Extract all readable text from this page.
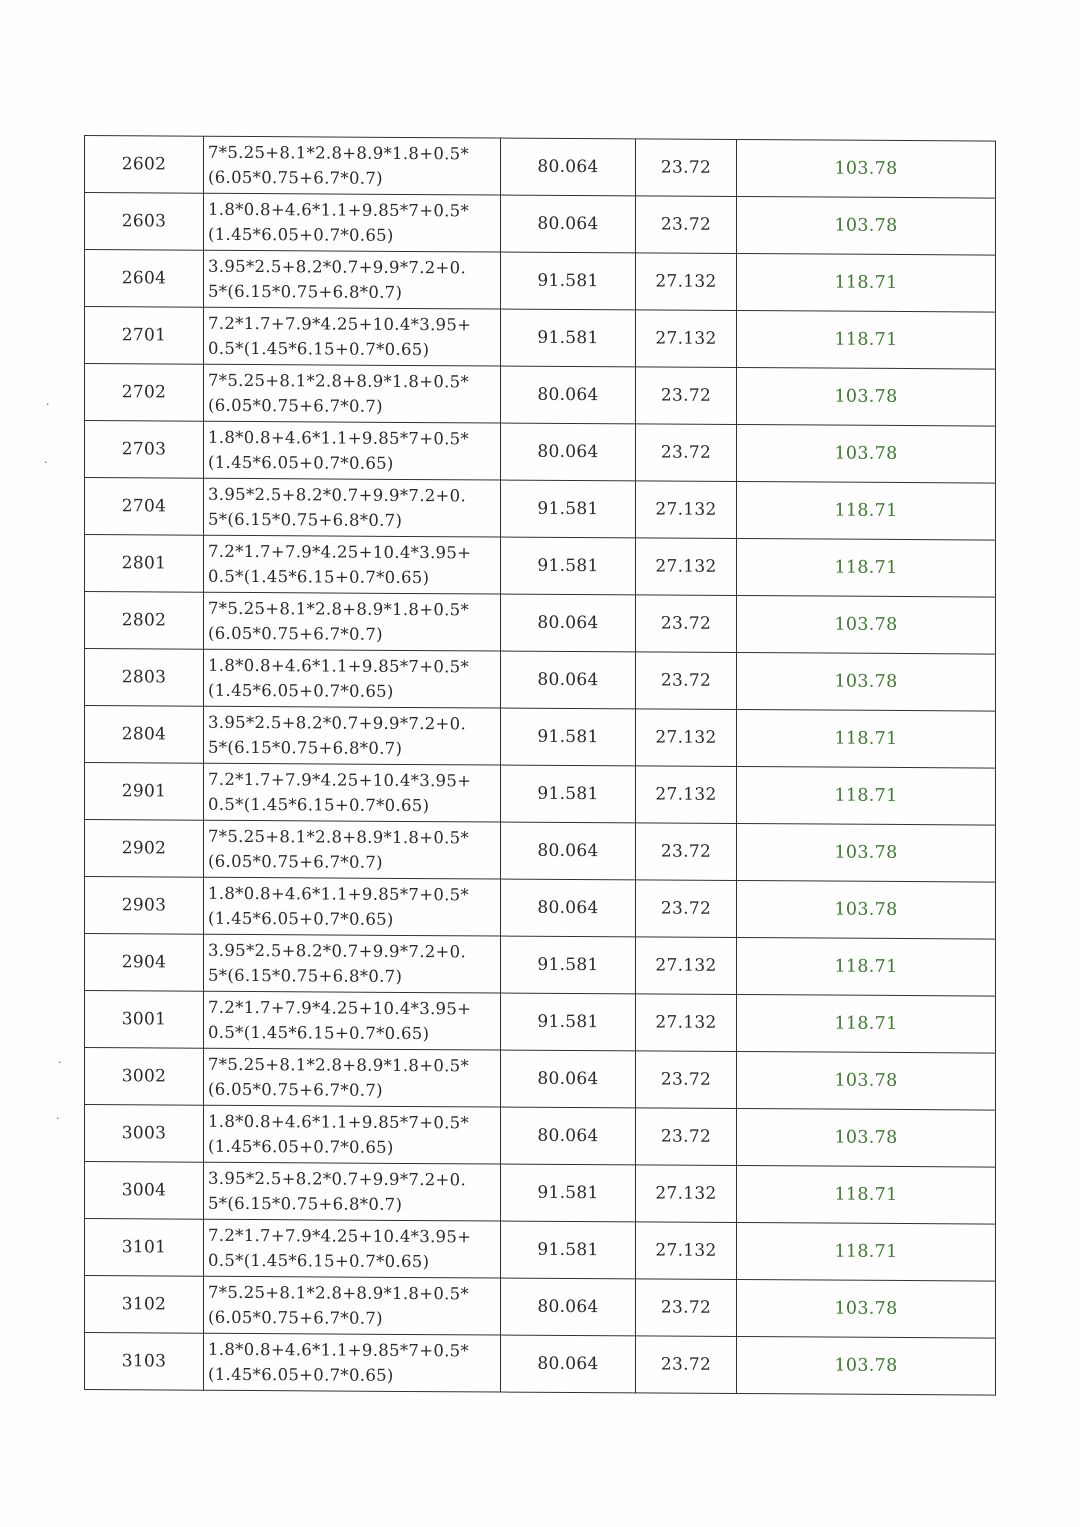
·
·
·
·
2602	7*5.25+8.1*2.8+8.9*1.8+0.5*
(6.05*0.75+6.7*0.7)	80.064	23.72	103.78
2603	1.8*0.8+4.6*1.1+9.85*7+0.5*
(1.45*6.05+0.7*0.65)	80.064	23.72	103.78
2604	3.95*2.5+8.2*0.7+9.9*7.2+0.
5*(6.15*0.75+6.8*0.7)	91.581	27.132	118.71
2701	7.2*1.7+7.9*4.25+10.4*3.95+
0.5*(1.45*6.15+0.7*0.65)	91.581	27.132	118.71
2702	7*5.25+8.1*2.8+8.9*1.8+0.5*
(6.05*0.75+6.7*0.7)	80.064	23.72	103.78
2703	1.8*0.8+4.6*1.1+9.85*7+0.5*
(1.45*6.05+0.7*0.65)	80.064	23.72	103.78
2704	3.95*2.5+8.2*0.7+9.9*7.2+0.
5*(6.15*0.75+6.8*0.7)	91.581	27.132	118.71
2801	7.2*1.7+7.9*4.25+10.4*3.95+
0.5*(1.45*6.15+0.7*0.65)	91.581	27.132	118.71
2802	7*5.25+8.1*2.8+8.9*1.8+0.5*
(6.05*0.75+6.7*0.7)	80.064	23.72	103.78
2803	1.8*0.8+4.6*1.1+9.85*7+0.5*
(1.45*6.05+0.7*0.65)	80.064	23.72	103.78
2804	3.95*2.5+8.2*0.7+9.9*7.2+0.
5*(6.15*0.75+6.8*0.7)	91.581	27.132	118.71
2901	7.2*1.7+7.9*4.25+10.4*3.95+
0.5*(1.45*6.15+0.7*0.65)	91.581	27.132	118.71
2902	7*5.25+8.1*2.8+8.9*1.8+0.5*
(6.05*0.75+6.7*0.7)	80.064	23.72	103.78
2903	1.8*0.8+4.6*1.1+9.85*7+0.5*
(1.45*6.05+0.7*0.65)	80.064	23.72	103.78
2904	3.95*2.5+8.2*0.7+9.9*7.2+0.
5*(6.15*0.75+6.8*0.7)	91.581	27.132	118.71
3001	7.2*1.7+7.9*4.25+10.4*3.95+
0.5*(1.45*6.15+0.7*0.65)	91.581	27.132	118.71
3002	7*5.25+8.1*2.8+8.9*1.8+0.5*
(6.05*0.75+6.7*0.7)	80.064	23.72	103.78
3003	1.8*0.8+4.6*1.1+9.85*7+0.5*
(1.45*6.05+0.7*0.65)	80.064	23.72	103.78
3004	3.95*2.5+8.2*0.7+9.9*7.2+0.
5*(6.15*0.75+6.8*0.7)	91.581	27.132	118.71
3101	7.2*1.7+7.9*4.25+10.4*3.95+
0.5*(1.45*6.15+0.7*0.65)	91.581	27.132	118.71
3102	7*5.25+8.1*2.8+8.9*1.8+0.5*
(6.05*0.75+6.7*0.7)	80.064	23.72	103.78
3103	1.8*0.8+4.6*1.1+9.85*7+0.5*
(1.45*6.05+0.7*0.65)	80.064	23.72	103.78
